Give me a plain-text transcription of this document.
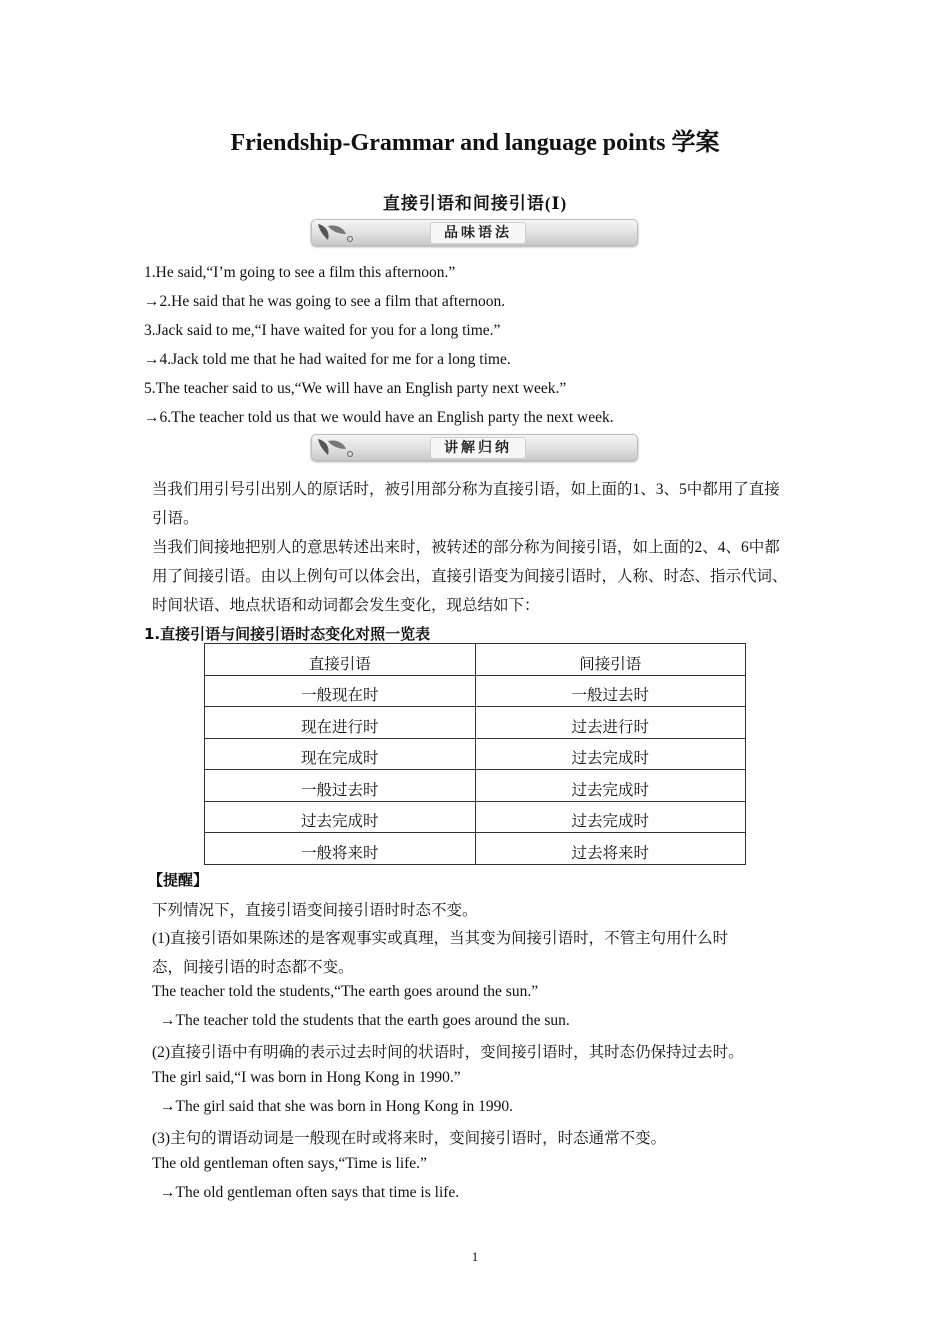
Friendship-Grammar and language points 学案
直接引语和间接引语(Ⅰ)
品味语法
1.He said,“I’m going to see a film this afternoon.”
→2.He said that he was going to see a film that afternoon.
3.Jack said to me,“I have waited for you for a long time.”
→4.Jack told me that he had waited for me for a long time.
5.The teacher said to us,“We will have an English party next week.”
→6.The teacher told us that we would have an English party the next week.
讲解归纳
当我们用引号引出别人的原话时，被引用部分称为直接引语，如上面的1、3、5中都用了直接引语。
当我们间接地把别人的意思转述出来时，被转述的部分称为间接引语，如上面的2、4、6中都用了间接引语。由以上例句可以体会出，直接引语变为间接引语时，人称、时态、指示代词、时间状语、地点状语和动词都会发生变化，现总结如下：
1.直接引语与间接引语时态变化对照一览表
直接引语	间接引语
一般现在时	一般过去时
现在进行时	过去进行时
现在完成时	过去完成时
一般过去时	过去完成时
过去完成时	过去完成时
一般将来时	过去将来时
【提醒】
下列情况下，直接引语变间接引语时时态不变。
(1)直接引语如果陈述的是客观事实或真理，当其变为间接引语时，不管主句用什么时
态，间接引语的时态都不变。
The teacher told the students,“The earth goes around the sun.”
→The teacher told the students that the earth goes around the sun.
(2)直接引语中有明确的表示过去时间的状语时，变间接引语时，其时态仍保持过去时。
The girl said,“I was born in Hong Kong in 1990.”
→The girl said that she was born in Hong Kong in 1990.
(3)主句的谓语动词是一般现在时或将来时，变间接引语时，时态通常不变。
The old gentleman often says,“Time is life.”
→The old gentleman often says that time is life.
1
